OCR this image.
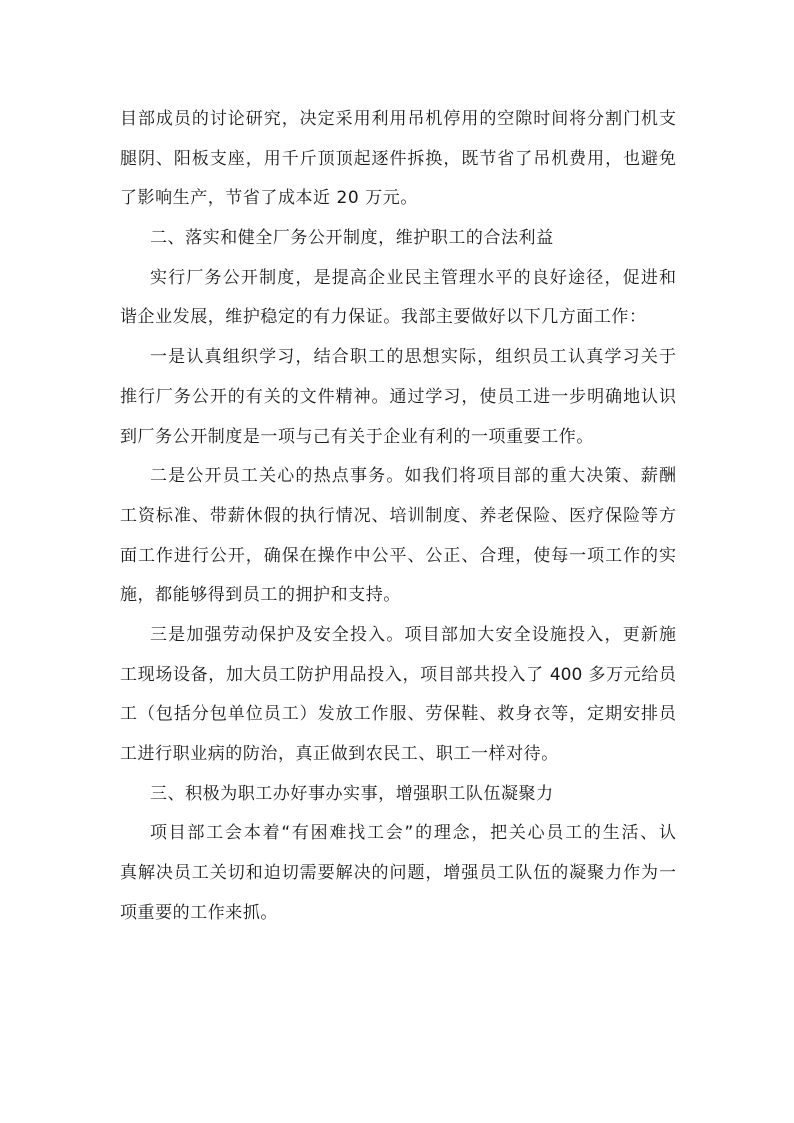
目部成员的讨论研究，决定采用利用吊机停用的空隙时间将分割门机支
腿阴、阳板支座，用千斤顶顶起逐件拆换，既节省了吊机费用，也避免
了影响生产，节省了成本近 20 万元。
二、落实和健全厂务公开制度，维护职工的合法利益
实行厂务公开制度，是提高企业民主管理水平的良好途径，促进和
谐企业发展，维护稳定的有力保证。我部主要做好以下几方面工作：
一是认真组织学习，结合职工的思想实际，组织员工认真学习关于
推行厂务公开的有关的文件精神。通过学习，使员工进一步明确地认识
到厂务公开制度是一项与己有关于企业有利的一项重要工作。
二是公开员工关心的热点事务。如我们将项目部的重大决策、薪酬
工资标准、带薪休假的执行情况、培训制度、养老保险、医疗保险等方
面工作进行公开，确保在操作中公平、公正、合理，使每一项工作的实
施，都能够得到员工的拥护和支持。
三是加强劳动保护及安全投入。项目部加大安全设施投入，更新施
工现场设备，加大员工防护用品投入，项目部共投入了 400 多万元给员
工（包括分包单位员工）发放工作服、劳保鞋、救身衣等，定期安排员
工进行职业病的防治，真正做到农民工、职工一样对待。
三、积极为职工办好事办实事，增强职工队伍凝聚力
项目部工会本着“有困难找工会”的理念，把关心员工的生活、认
真解决员工关切和迫切需要解决的问题，增强员工队伍的凝聚力作为一
项重要的工作来抓。
